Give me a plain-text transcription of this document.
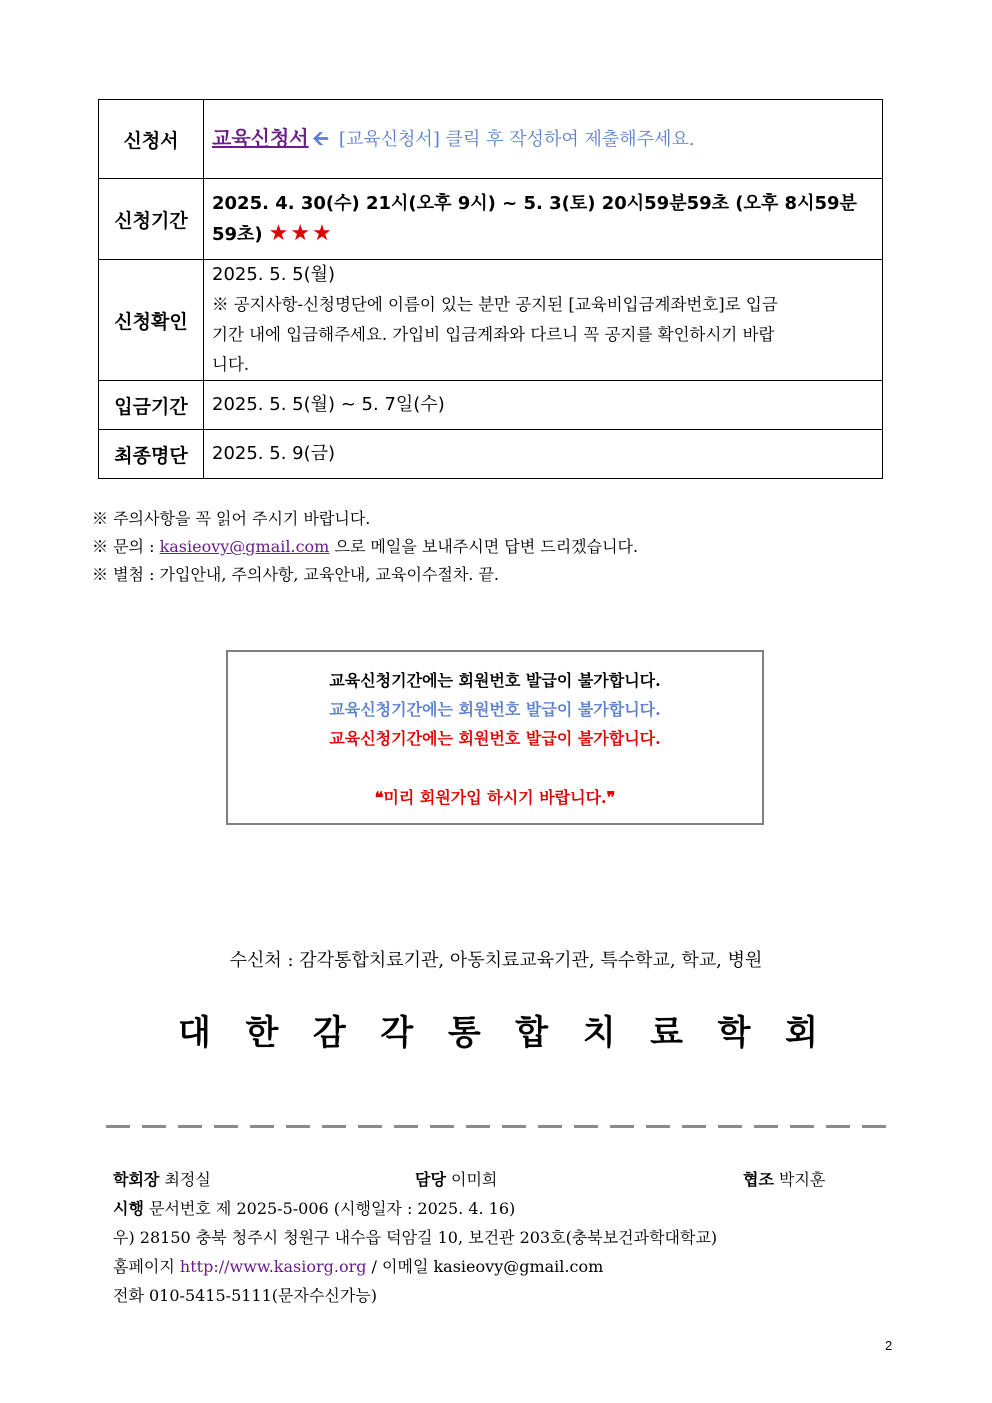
신청서	교육신청서 🡨 [교육신청서] 클릭 후 작성하여 제출해주세요.
신청기간	2025. 4. 30(수) 21시(오후 9시) ~ 5. 3(토) 20시59분59초 (오후 8시59분
59초) ★★★

신청확인	2025. 5. 5(월)
※ 공지사항-신청명단에 이름이 있는 분만 공지된 [교육비입금계좌번호]로 입금
기간 내에 입금해주세요. 가입비 입금계좌와 다르니 꼭 공지를 확인하시기 바랍
니다.

입금기간	2025. 5. 5(월) ~ 5. 7일(수)
최종명단	2025. 5. 9(금)
※ 주의사항을 꼭 읽어 주시기 바랍니다.
※ 문의 : kasieovy@gmail.com 으로 메일을 보내주시면 답변 드리겠습니다.
※ 별첨 : 가입안내, 주의사항, 교육안내, 교육이수절차. 끝.
교육신청기간에는 회원번호 발급이 불가합니다.
교육신청기간에는 회원번호 발급이 불가합니다.
교육신청기간에는 회원번호 발급이 불가합니다.
❝미리 회원가입 하시기 바랍니다.❞
수신처 : 감각통합치료기관, 아동치료교육기관, 특수학교, 학교, 병원
대 한 감 각 통 합 치 료 학 회
학회장 최정실	담당 이미희	협조 박지훈
시행 문서번호 제 2025-5-006 (시행일자 : 2025. 4. 16)
우) 28150 충북 청주시 청원구 내수읍 덕암길 10, 보건관 203호(충북보건과학대학교)
홈페이지 http://www.kasiorg.org / 이메일 kasieovy@gmail.com
전화 010-5415-5111(문자수신가능)
2
